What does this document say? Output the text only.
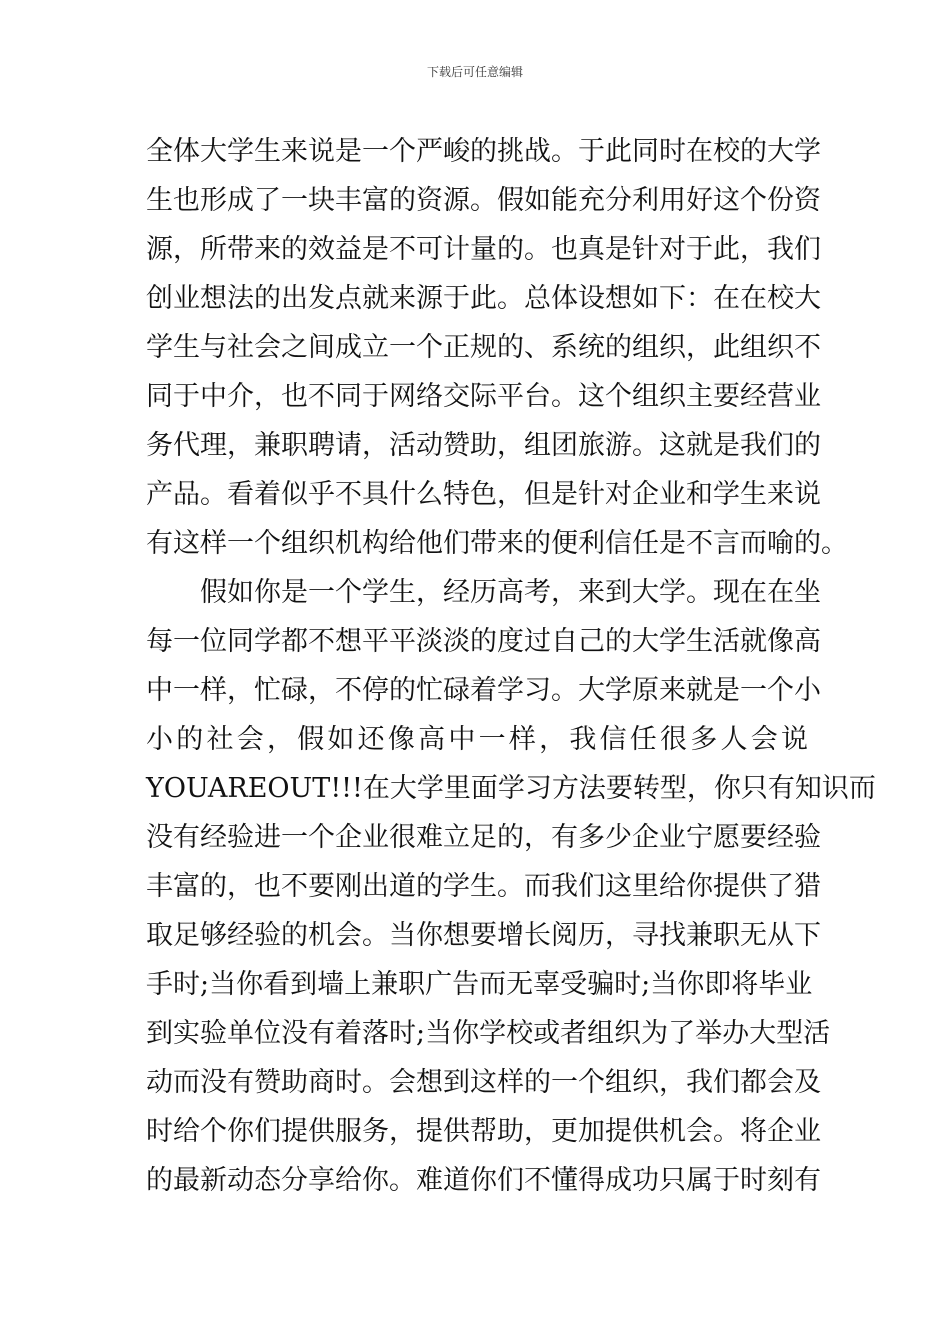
下载后可任意编辑
全体大学生来说是一个严峻的挑战。于此同时在校的大学
生也形成了一块丰富的资源。假如能充分利用好这个份资
源，所带来的效益是不可计量的。也真是针对于此，我们
创业想法的出发点就来源于此。总体设想如下：在在校大
学生与社会之间成立一个正规的、系统的组织，此组织不
同于中介，也不同于网络交际平台。这个组织主要经营业
务代理，兼职聘请，活动赞助，组团旅游。这就是我们的
产品。看着似乎不具什么特色，但是针对企业和学生来说
有这样一个组织机构给他们带来的便利信任是不言而喻的。
假如你是一个学生，经历高考，来到大学。现在在坐
每一位同学都不想平平淡淡的度过自己的大学生活就像高
中一样，忙碌，不停的忙碌着学习。大学原来就是一个小
小的社会，假如还像高中一样，我信任很多人会说
YOUAREOUT!!!在大学里面学习方法要转型，你只有知识而
没有经验进一个企业很难立足的，有多少企业宁愿要经验
丰富的，也不要刚出道的学生。而我们这里给你提供了猎
取足够经验的机会。当你想要增长阅历，寻找兼职无从下
手时;当你看到墙上兼职广告而无辜受骗时;当你即将毕业
到实验单位没有着落时;当你学校或者组织为了举办大型活
动而没有赞助商时。会想到这样的一个组织，我们都会及
时给个你们提供服务，提供帮助，更加提供机会。将企业
的最新动态分享给你。难道你们不懂得成功只属于时刻有
